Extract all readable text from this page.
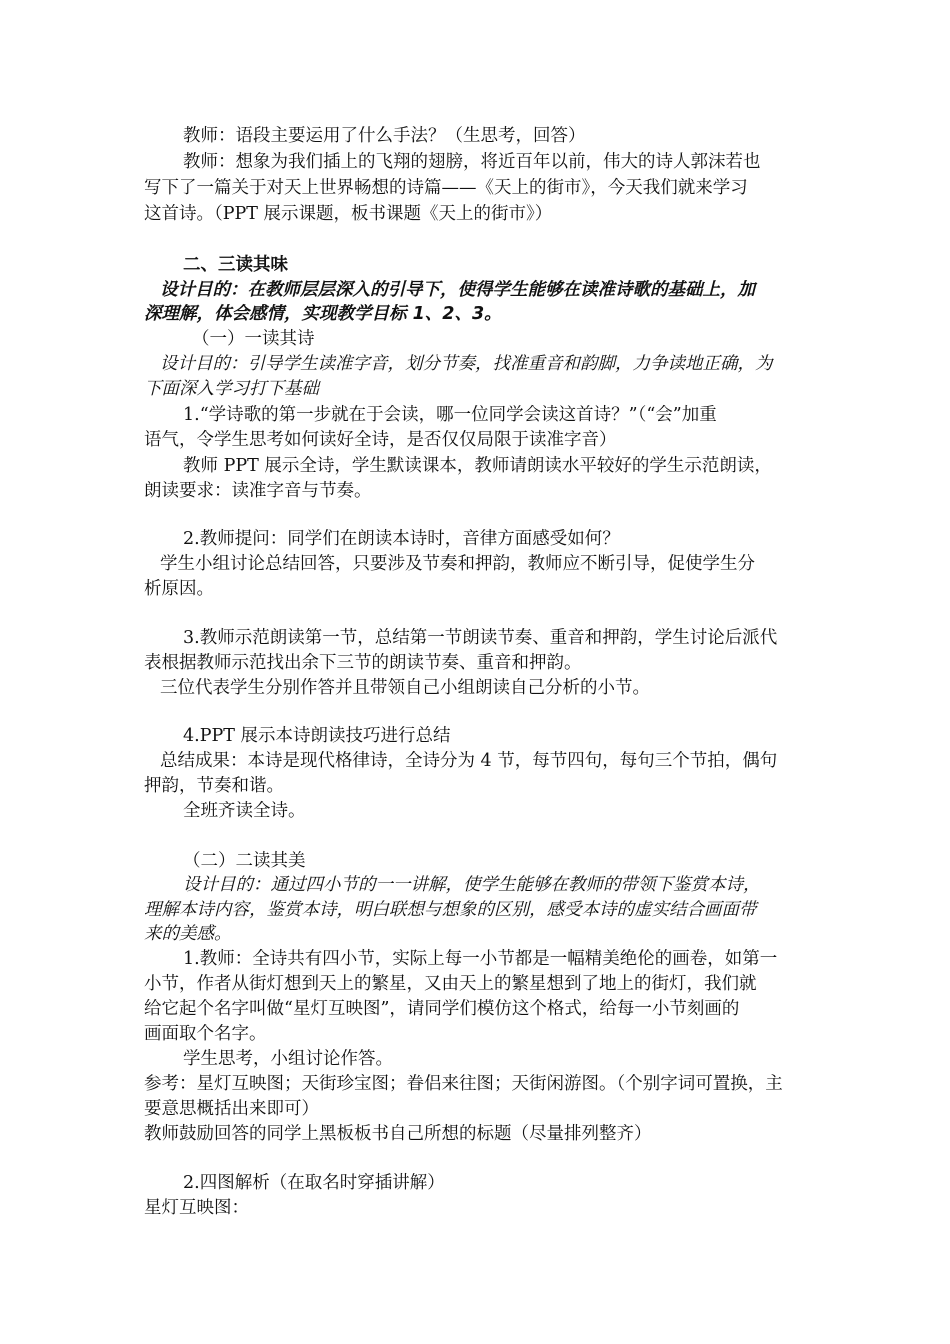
教师：语段主要运用了什么手法？（生思考，回答）
教师：想象为我们插上的飞翔的翅膀，将近百年以前，伟大的诗人郭沫若也
写下了一篇关于对天上世界畅想的诗篇——《天上的街市》，今天我们就来学习
这首诗。（PPT 展示课题，板书课题《天上的街市》）
二、三读其味
设计目的：在教师层层深入的引导下，使得学生能够在读准诗歌的基础上，加
深理解，体会感情，实现教学目标 1、2、3。
（一）一读其诗
设计目的：引导学生读准字音，划分节奏，找准重音和韵脚，力争读地正确，为
下面深入学习打下基础
1.“学诗歌的第一步就在于会读，哪一位同学会读这首诗？”（“会”加重
语气，令学生思考如何读好全诗，是否仅仅局限于读准字音）
教师 PPT 展示全诗，学生默读课本，教师请朗读水平较好的学生示范朗读，
朗读要求：读准字音与节奏。
2.教师提问：同学们在朗读本诗时，音律方面感受如何？
学生小组讨论总结回答，只要涉及节奏和押韵，教师应不断引导，促使学生分
析原因。
3.教师示范朗读第一节，总结第一节朗读节奏、重音和押韵，学生讨论后派代
表根据教师示范找出余下三节的朗读节奏、重音和押韵。
三位代表学生分别作答并且带领自己小组朗读自己分析的小节。
4.PPT 展示本诗朗读技巧进行总结
总结成果：本诗是现代格律诗，全诗分为 4 节，每节四句，每句三个节拍，偶句
押韵，节奏和谐。
全班齐读全诗。
（二）二读其美
设计目的：通过四小节的一一讲解，使学生能够在教师的带领下鉴赏本诗，
理解本诗内容，鉴赏本诗，明白联想与想象的区别，感受本诗的虚实结合画面带
来的美感。
1.教师：全诗共有四小节，实际上每一小节都是一幅精美绝伦的画卷，如第一
小节，作者从街灯想到天上的繁星，又由天上的繁星想到了地上的街灯，我们就
给它起个名字叫做“星灯互映图”，请同学们模仿这个格式，给每一小节刻画的
画面取个名字。
学生思考，小组讨论作答。
参考：星灯互映图；天街珍宝图；眷侣来往图；天街闲游图。（个别字词可置换，主
要意思概括出来即可）
教师鼓励回答的同学上黑板板书自己所想的标题（尽量排列整齐）
2.四图解析（在取名时穿插讲解）
星灯互映图：
